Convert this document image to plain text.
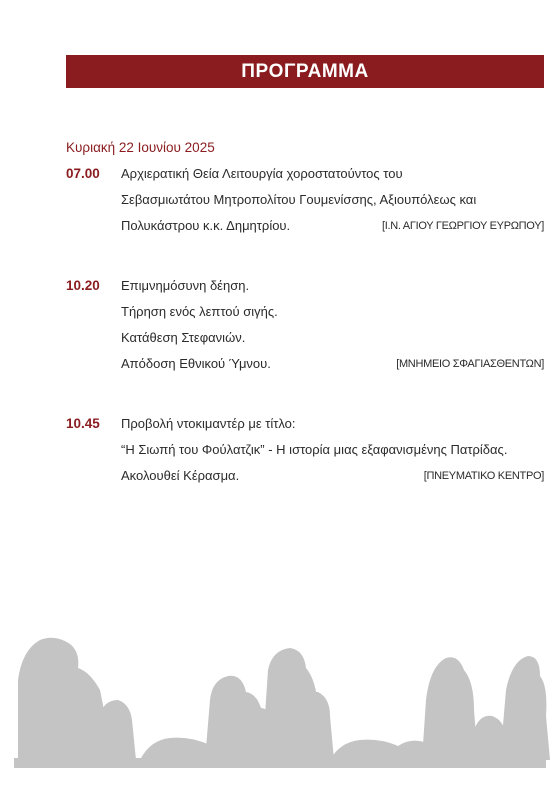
ΠΡΟΓΡΑΜΜΑ
Κυριακή 22 Ιουνίου 2025
07.00 Αρχιερατική Θεία Λειτουργία χοροστατούντος του
Σεβασμιωτάτου Μητροπολίτου Γουμενίσσης, Αξιουπόλεως και
Πολυκάστρου κ.κ. Δημητρίου.	[Ι.Ν. ΑΓΙΟΥ ΓΕΩΡΓΙΟΥ ΕΥΡΩΠΟΥ]
10.20 Επιμνημόσυνη δέηση.
Τήρηση ενός λεπτού σιγής.
Κατάθεση Στεφανιών.
Απόδοση Εθνικού Ύμνου.	[ΜΝΗΜΕΙΟ ΣΦΑΓΙΑΣΘΕΝΤΩΝ]
10.45 Προβολή ντοκιμαντέρ με τίτλο:
“Η Σιωπή του Φούλατζικ” - Η ιστορία μιας εξαφανισμένης Πατρίδας.
Ακολουθεί Κέρασμα.	[ΠΝΕΥΜΑΤΙΚΟ ΚΕΝΤΡΟ]
